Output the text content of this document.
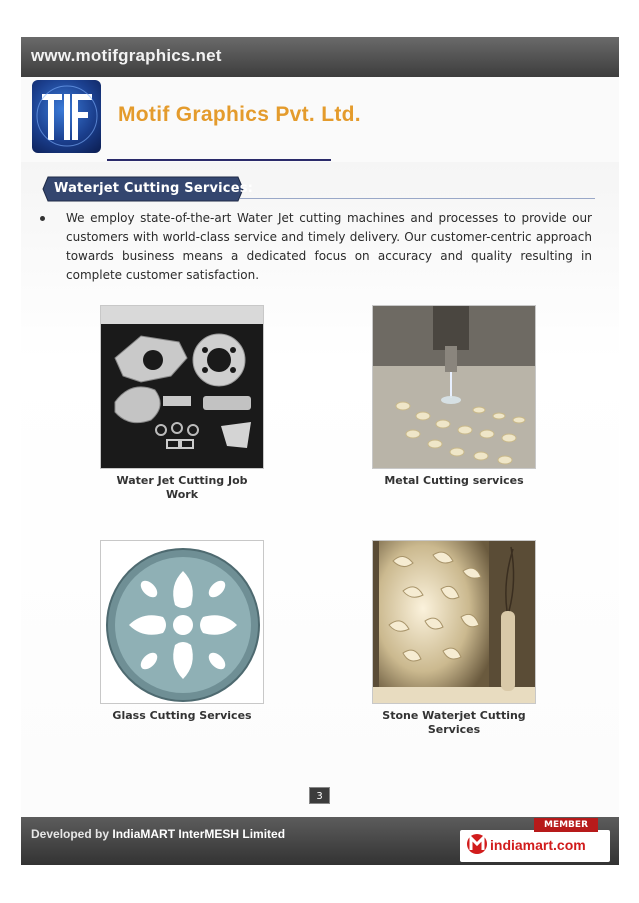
www.motifgraphics.net
Motif Graphics Pvt. Ltd.
Waterjet Cutting Services:

We employ state-of-the-art Water Jet cutting machines and processes to provide our customers with world-class service and timely delivery. Our customer-centric approach towards business means a dedicated focus on accuracy and quality resulting in complete customer satisfaction.

Water Jet Cutting Job Work
Metal Cutting services
Glass Cutting Services	Stone Waterjet Cutting Services
3
Developed by IndiaMART InterMESH Limited
indiamart.com
MEMBER
